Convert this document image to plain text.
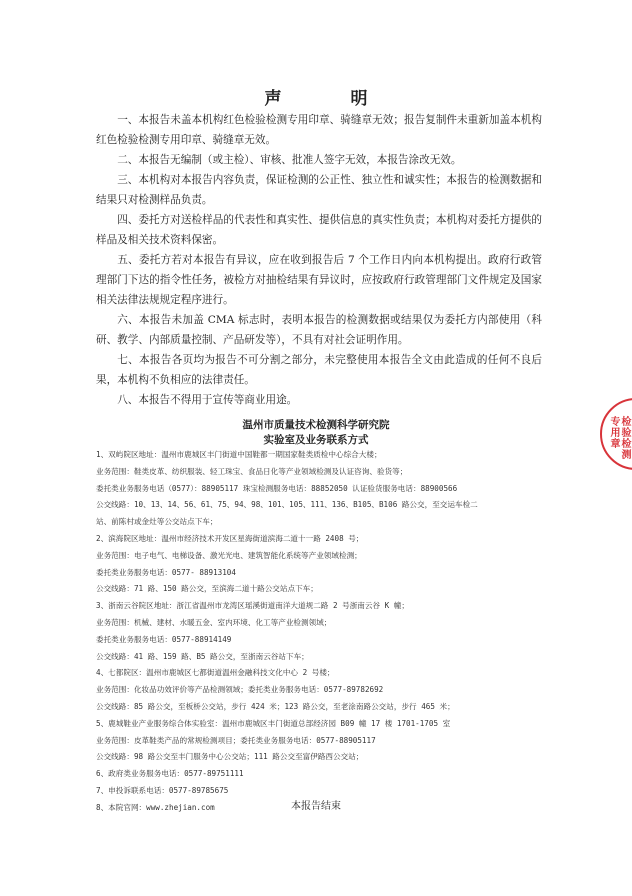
声　明

一、本报告未盖本机构红色检验检测专用印章、骑缝章无效；报告复制件未重新加盖本机构红色检验检测专用印章、骑缝章无效。

二、本报告无编制（或主检）、审核、批准人签字无效，本报告涂改无效。

三、本机构对本报告内容负责，保证检测的公正性、独立性和诚实性；本报告的检测数据和结果只对检测样品负责。

四、委托方对送检样品的代表性和真实性、提供信息的真实性负责；本机构对委托方提供的样品及相关技术资料保密。

五、委托方若对本报告有异议，应在收到报告后 7 个工作日内向本机构提出。政府行政管理部门下达的指令性任务，被检方对抽检结果有异议时，应按政府行政管理部门文件规定及国家相关法律法规规定程序进行。

六、本报告未加盖 CMA 标志时，表明本报告的检测数据或结果仅为委托方内部使用（科研、教学、内部质量控制、产品研发等），不具有对社会证明作用。

七、本报告各页均为报告不可分割之部分，未完整使用本报告全文由此造成的任何不良后果，本机构不负相应的法律责任。

八、本报告不得用于宣传等商业用途。

温州市质量技术检测科学研究院
实验室及业务联系方式
1、双屿院区地址：温州市鹿城区丰门街道中国鞋都一期国家鞋类质检中心综合大楼；
业务范围：鞋类皮革、纺织服装、轻工珠宝、食品日化等产业领域检测及认证咨询、验货等；
委托类业务服务电话（0577）：88905117 珠宝检测服务电话：88852050 认证验货服务电话：88900566
公交线路：10、13、14、56、61、75、94、98、101、105、111、136、B105、B106 路公交，至交运车检二
站、前陈村或金灶等公交站点下车；
2、滨海院区地址：温州市经济技术开发区星海街道滨海二道十一路 2408 号；
业务范围：电子电气、电梯设备、激光光电、建筑智能化系统等产业领域检测；
委托类业务服务电话：0577- 88913104
公交线路：71 路、150 路公交，至滨海二道十路公交站点下车；
3、浙南云谷院区地址：浙江省温州市龙湾区瑶溪街道南洋大道规二路 2 号浙南云谷 K 幢；
业务范围：机械、建材、水暖五金、室内环境、化工等产业检测领域；
委托类业务服务电话：0577-88914149
公交线路：41 路、159 路、B5 路公交，至浙南云谷站下车；
4、七都院区：温州市鹿城区七都街道温州金融科技文化中心 2 号楼；
业务范围：化妆品功效评价等产品检测领域；委托类业务服务电话：0577-89782692
公交线路：85 路公交，至板桥公交站，步行 424 米；123 路公交，至老涂南路公交站，步行 465 米；
5、鹿城鞋业产业服务综合体实验室：温州市鹿城区丰门街道总部经济园 B09 幢 17 楼 1701-1705 室
业务范围：皮革鞋类产品的常规检测项目；委托类业务服务电话：0577-88905117
公交线路：98 路公交至丰门服务中心公交站；111 路公交至富伊路西公交站；
6、政府类业务服务电话：0577-89751111
7、申投诉联系电话：0577-89785675
8、本院官网：www.zhejian.com	本报告结束
检验检测专用章
